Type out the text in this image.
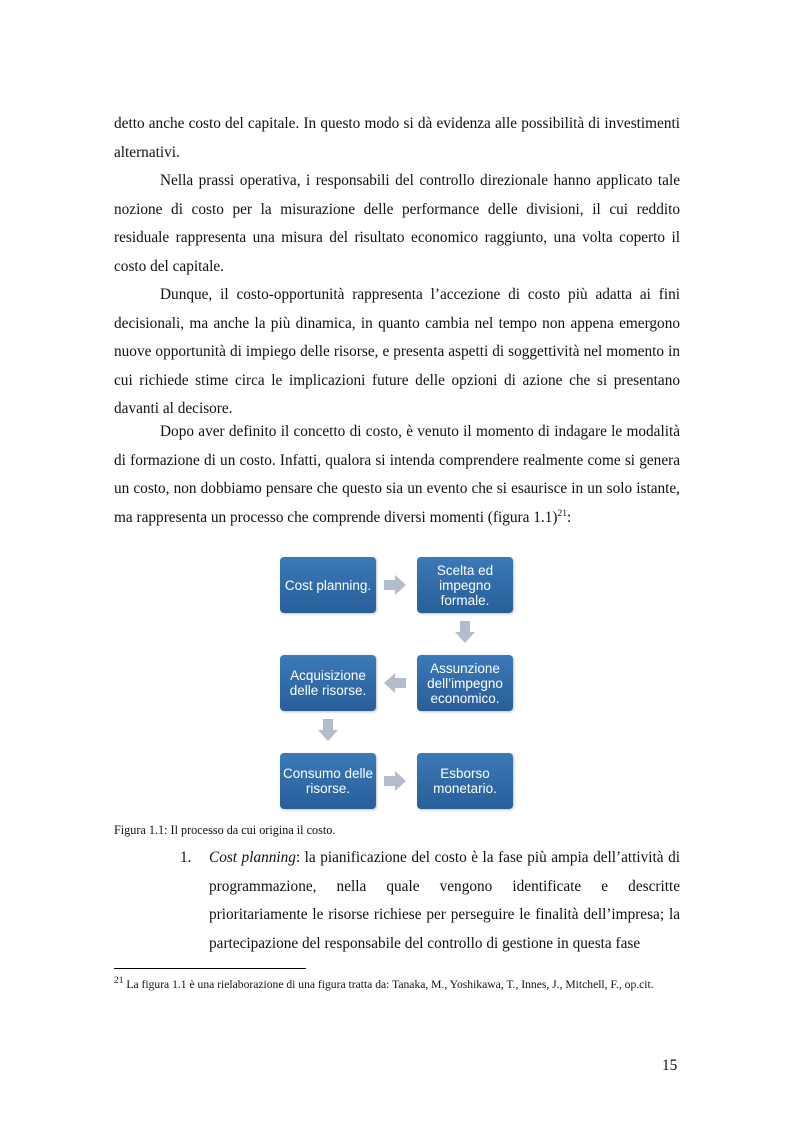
detto anche costo del capitale. In questo modo si dà evidenza alle possibilità di investimenti alternativi.

Nella prassi operativa, i responsabili del controllo direzionale hanno applicato tale nozione di costo per la misurazione delle performance delle divisioni, il cui reddito residuale rappresenta una misura del risultato economico raggiunto, una volta coperto il costo del capitale.

Dunque, il costo-opportunità rappresenta l’accezione di costo più adatta ai fini decisionali, ma anche la più dinamica, in quanto cambia nel tempo non appena emergono nuove opportunità di impiego delle risorse, e presenta aspetti di soggettività nel momento in cui richiede stime circa le implicazioni future delle opzioni di azione che si presentano davanti al decisore.

Dopo aver definito il concetto di costo, è venuto il momento di indagare le modalità di formazione di un costo. Infatti, qualora si intenda comprendere realmente come si genera un costo, non dobbiamo pensare che questo sia un evento che si esaurisce in un solo istante, ma rappresenta un processo che comprende diversi momenti (figura 1.1)$^{21}$:

Cost planning.
Scelta ed impegno formale.
Assunzione dell’impegno economico.
Acquisizione delle risorse.
Consumo delle risorse.
Esborso monetario.
Figura 1.1: Il processo da cui origina il costo.
1. Cost planning: la pianificazione del costo è la fase più ampia dell’attività di programmazione, nella quale vengono identificate e descritte prioritariamente le risorse richiese per perseguire le finalità dell’impresa; la partecipazione del responsabile del controllo di gestione in questa fase

$^{21}$ La figura 1.1 è una rielaborazione di una figura tratta da: Tanaka, M., Yoshikawa, T., Innes, J., Mitchell, F., op.cit.

15
